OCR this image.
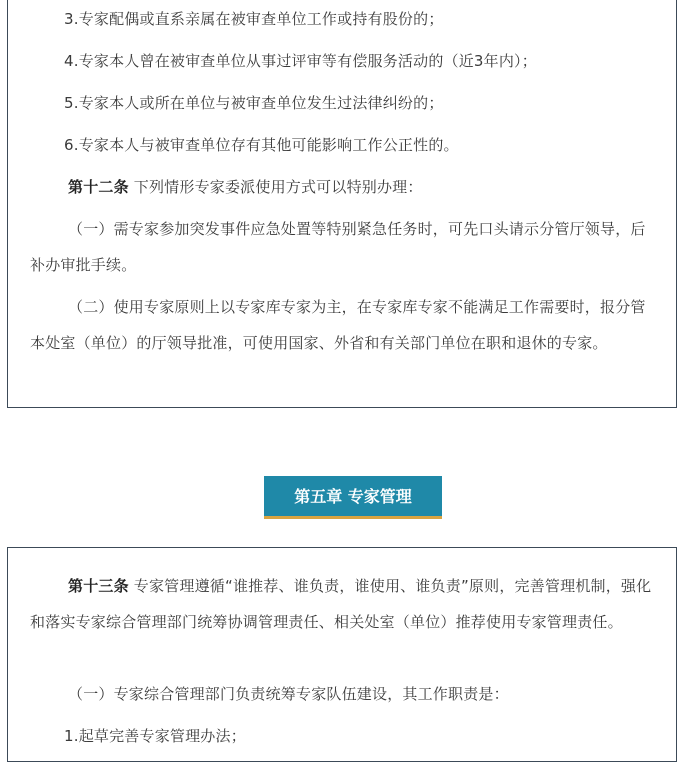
3.专家配偶或直系亲属在被审查单位工作或持有股份的；

4.专家本人曾在被审查单位从事过评审等有偿服务活动的（近3年内）；

5.专家本人或所在单位与被审查单位发生过法律纠纷的；

6.专家本人与被审查单位存有其他可能影响工作公正性的。

第十二条 下列情形专家委派使用方式可以特别办理：

（一）需专家参加突发事件应急处置等特别紧急任务时，可先口头请示分管厅领导，后补办审批手续。

（二）使用专家原则上以专家库专家为主，在专家库专家不能满足工作需要时，报分管本处室（单位）的厅领导批准，可使用国家、外省和有关部门单位在职和退休的专家。

第五章 专家管理

第十三条 专家管理遵循“谁推荐、谁负责，谁使用、谁负责”原则，完善管理机制，强化和落实专家综合管理部门统筹协调管理责任、相关处室（单位）推荐使用专家管理责任。

（一）专家综合管理部门负责统筹专家队伍建设，其工作职责是：

1.起草完善专家管理办法；
